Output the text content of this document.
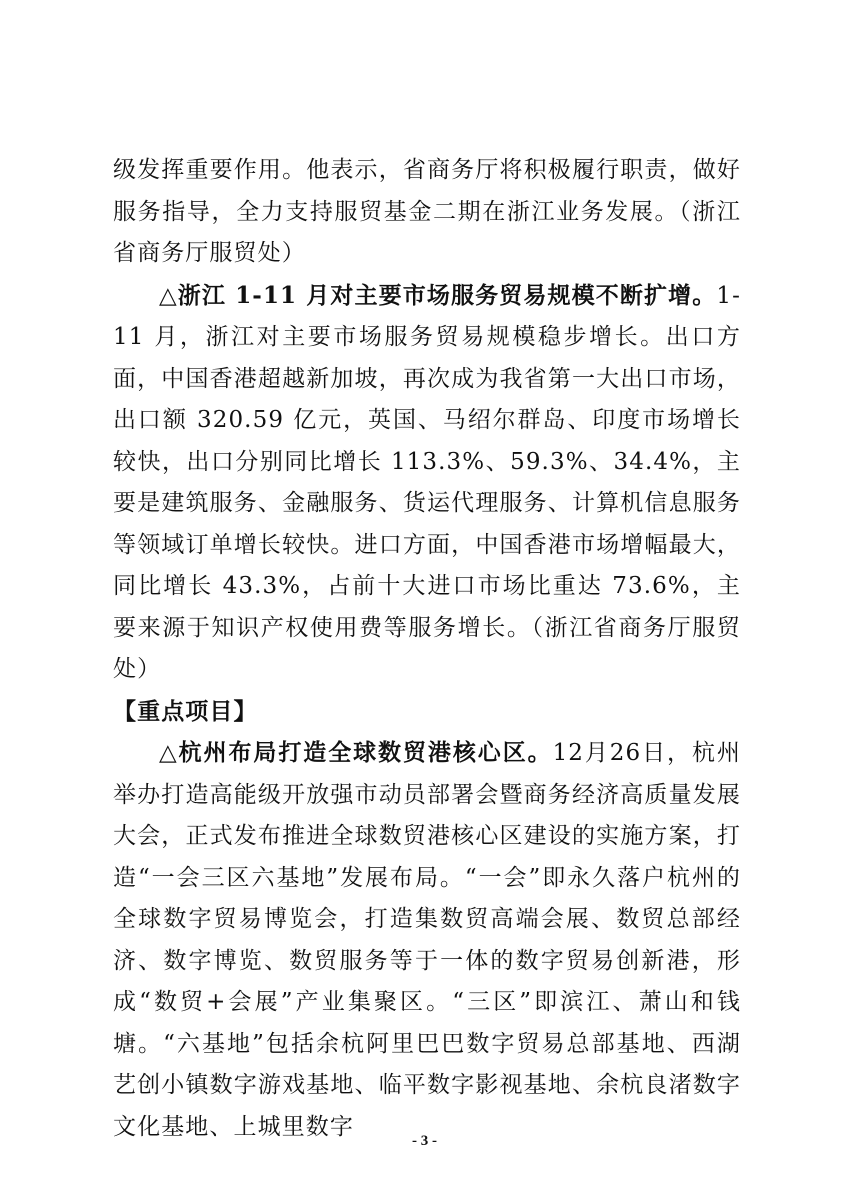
级发挥重要作用。他表示，省商务厅将积极履行职责，做好服务指导，全力支持服贸基金二期在浙江业务发展。（浙江省商务厅服贸处）

△浙江 1-11 月对主要市场服务贸易规模不断扩增。1-11 月，浙江对主要市场服务贸易规模稳步增长。出口方面，中国香港超越新加坡，再次成为我省第一大出口市场，出口额 320.59 亿元，英国、马绍尔群岛、印度市场增长较快，出口分别同比增长 113.3%、59.3%、34.4%，主要是建筑服务、金融服务、货运代理服务、计算机信息服务等领域订单增长较快。进口方面，中国香港市场增幅最大，同比增长 43.3%，占前十大进口市场比重达 73.6%，主要来源于知识产权使用费等服务增长。（浙江省商务厅服贸处）

【重点项目】

△杭州布局打造全球数贸港核心区。12月26日，杭州举办打造高能级开放强市动员部署会暨商务经济高质量发展大会，正式发布推进全球数贸港核心区建设的实施方案，打造“一会三区六基地”发展布局。“一会”即永久落户杭州的全球数字贸易博览会，打造集数贸高端会展、数贸总部经济、数字博览、数贸服务等于一体的数字贸易创新港，形成“数贸+会展”产业集聚区。“三区”即滨江、萧山和钱塘。“六基地”包括余杭阿里巴巴数字贸易总部基地、西湖艺创小镇数字游戏基地、临平数字影视基地、余杭良渚数字文化基地、上城里数字

- 3 -
